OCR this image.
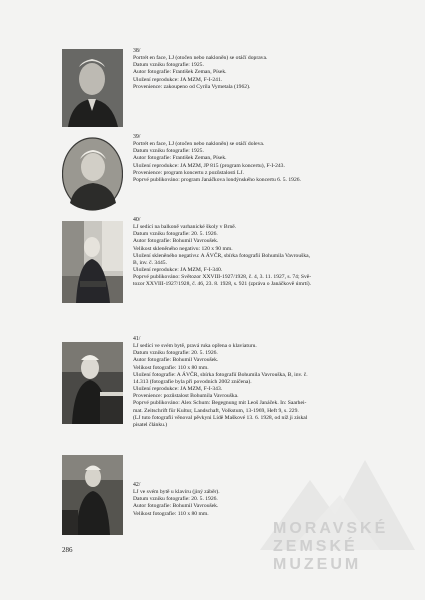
38/
Portrét en face, LJ (otočen nebo nakloněn) se otáčí doprava.
Datum vzniku fotografie: 1925.
Autor fotografie: František Zeman, Písek.
Uložení reprodukce: JA MZM, F-I-241.
Provenience: zakoupeno od Cyrila Vymetala (1962).
39/
Portrét en face, LJ (otočen nebo nakloněn) se otáčí doleva.
Datum vzniku fotografie: 1925.
Autor fotografie: František Zeman, Písek.
Uložení reprodukce: JA MZM, JP 815 (program koncertu), F-I-243.
Provenience: program koncertu z pozůstalosti LJ.
Poprvé publikováno: program Janáčkova londýnského koncertu 6. 5. 1926.
40/
LJ sedící na balkoně varhanické školy v Brně.
Datum vzniku fotografie: 20. 5. 1926.
Autor fotografie: Bohumil Vavroušek.
Velikost skleněného negativu: 120 x 90 mm.
Uložení skleněného negativu: A ÁVČR, sbírka fotografií Bohumila Vavrouška,
B, inv. č. 3445.
Uložení reprodukce: JA MZM, F-I-340.
Poprvé publikováno: Světozor XXVIII-1927/1928, č. 4, 3. 11. 1927, s. 74; Svě-
tozor XXVIII-1927/1928, č. 46, 23. 8. 1928, s. 921 (zpráva o Janáčkově úmrtí).
41/
LJ sedící ve svém bytě, pravá ruka opřena o klaviaturu.
Datum vzniku fotografie: 20. 5. 1926.
Autor fotografie: Bohumil Vavroušek.
Velikost fotografie: 110 x 80 mm.
Uložení fotografie: A ÁVČR, sbírka fotografií Bohumila Vavrouška, B, inv. č.
14.313 (fotografie byla při povodních 2002 zničena).
Uložení reprodukce: JA MZM, F-I-343.
Provenience: pozůstalost Bohumila Vavrouška.
Poprvé publikováno: Alex Schum: Begegnung mit Leoš Janáček. In: Saarhei-
mat. Zeitschrift für Kultur, Landschaft, Volkstum, 13-1969, Heft 9, s. 229.
(LJ tuto fotografii věnoval pěvkyni Lídě Maškové 13. 6. 1928, od níž ji získal
pisatel článku.)
42/
LJ ve svém bytě u klavíru (jiný záběr).
Datum vzniku fotografie: 20. 5. 1926.
Autor fotografie: Bohumil Vavroušek.
Velikost fotografie: 110 x 80 mm.
286
MORAVSKÉ
ZEMSKÉ
MUZEUM
